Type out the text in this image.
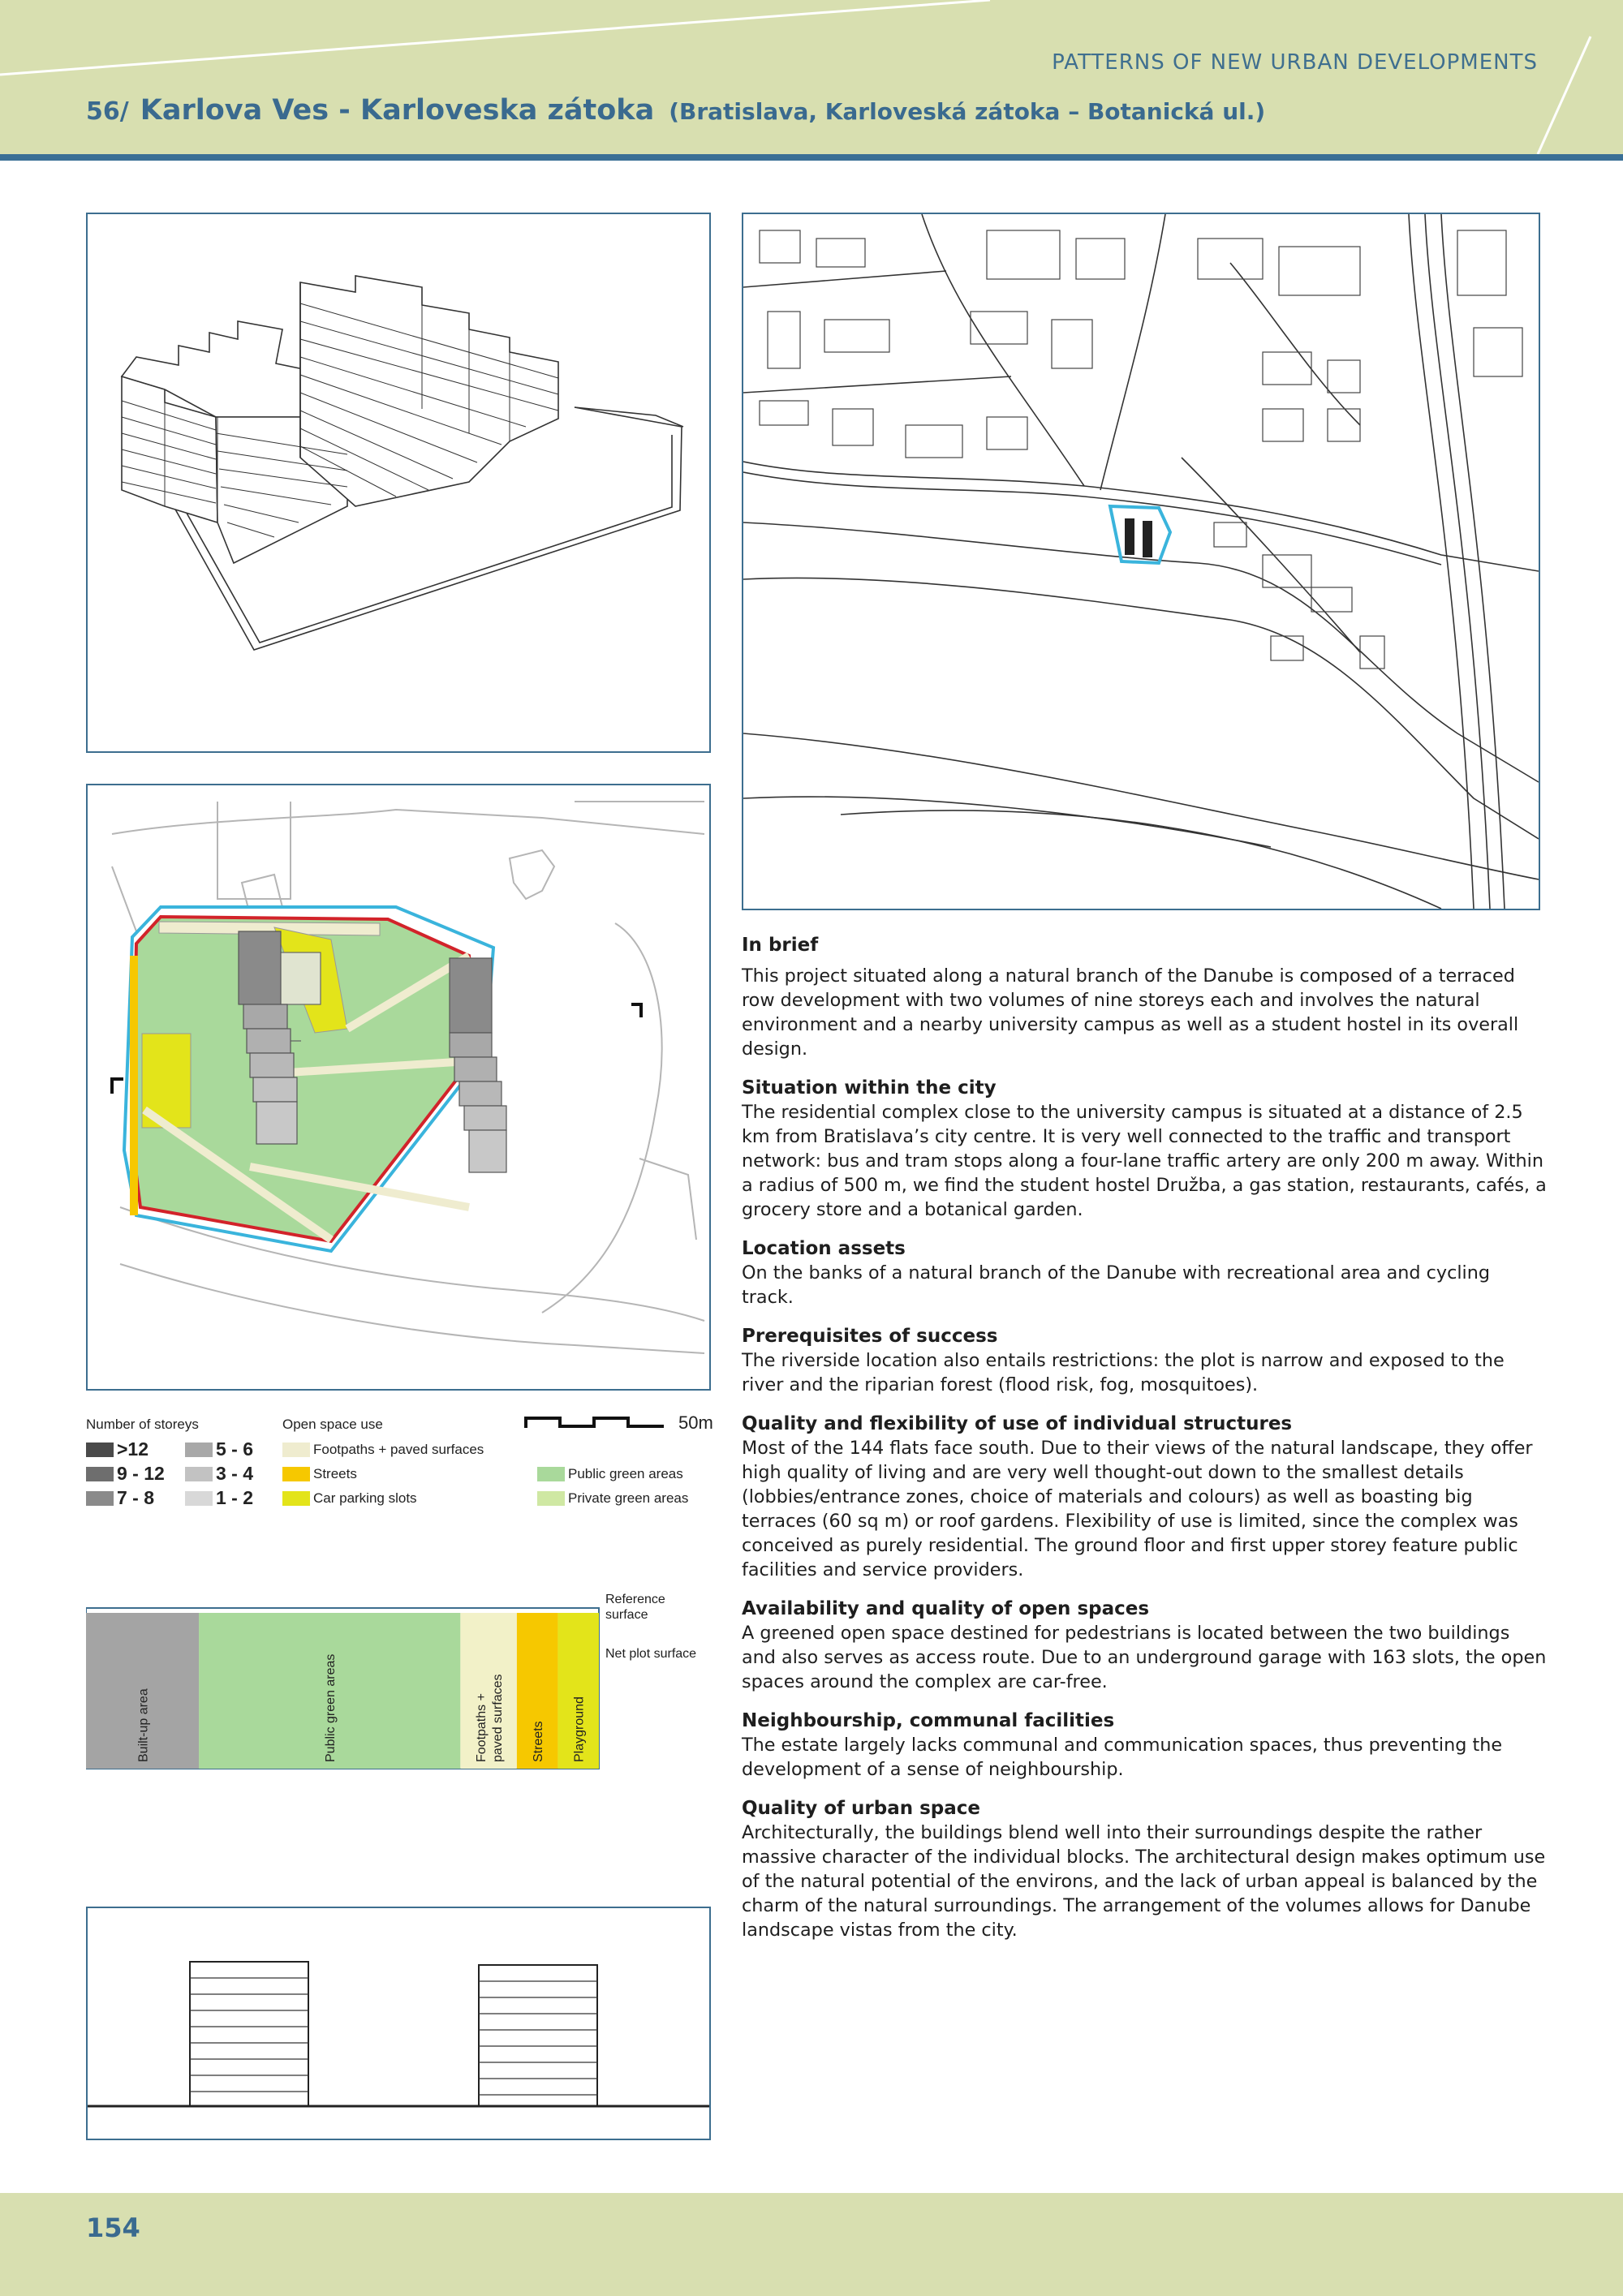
PATTERNS OF NEW URBAN DEVELOPMENTS
56/ Karlova Ves - Karloveska zátoka (Bratislava, Karloveská zátoka – Botanická ul.)
Number of storeys
>12
9 - 12
7 - 8
5 - 6
3 - 4
1 - 2
Open space use
Footpaths + paved surfaces
Streets
Car parking slots
Public green areas
Private green areas
50m
Reference surface
Net plot surface
Built-up area	Public green areas	Footpaths + paved surfaces Streets Playground
In brief

This project situated along a natural branch of the Danube is composed of a terraced row development with two volumes of nine storeys each and involves the natural environment and a nearby university campus as well as a student hostel in its overall design.

Situation within the city

The residential complex close to the university campus is situated at a distance of 2.5 km from Bratislava’s city centre. It is very well connected to the traffic and transport network: bus and tram stops along a four-lane traffic artery are only 200 m away. Within a radius of 500 m, we find the student hostel Družba, a gas station, restaurants, cafés, a grocery store and a botanical garden.

Location assets

On the banks of a natural branch of the Danube with recreational area and cycling track.

Prerequisites of success

The riverside location also entails restrictions: the plot is narrow and exposed to the river and the riparian forest (flood risk, fog, mosquitoes).

Quality and flexibility of use of individual structures

Most of the 144 flats face south. Due to their views of the natural landscape, they offer high quality of living and are very well thought-out down to the smallest details (lobbies/entrance zones, choice of materials and colours) as well as boasting big terraces (60 sq m) or roof gardens. Flexibility of use is limited, since the complex was conceived as purely residential. The ground floor and first upper storey feature public facilities and service providers.

Availability and quality of open spaces

A greened open space destined for pedestrians is located between the two buildings and also serves as access route. Due to an underground garage with 163 slots, the open spaces around the complex are car-free.

Neighbourship, communal facilities

The estate largely lacks communal and communication spaces, thus preventing the development of a sense of neighbourship.

Quality of urban space

Architecturally, the buildings blend well into their surroundings despite the rather massive character of the individual blocks. The architectural design makes optimum use of the natural potential of the environs, and the lack of urban appeal is balanced by the charm of the natural surroundings. The arrangement of the volumes allows for Danube landscape vistas from the city.

154
